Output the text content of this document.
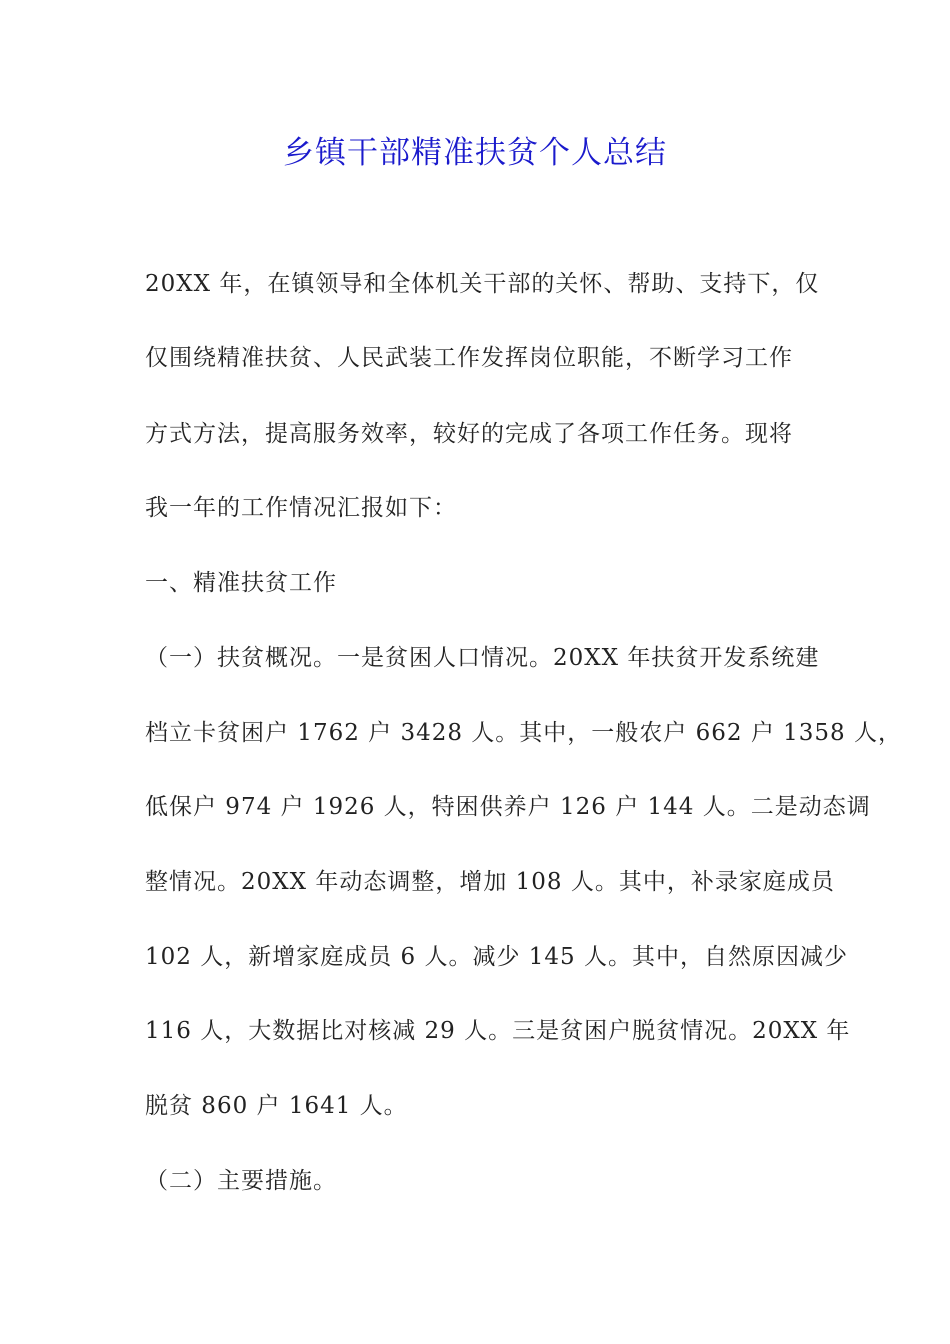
乡镇干部精准扶贫个人总结

20XX 年，在镇领导和全体机关干部的关怀、帮助、支持下，仅

仅围绕精准扶贫、人民武装工作发挥岗位职能，不断学习工作

方式方法，提高服务效率，较好的完成了各项工作任务。现将

我一年的工作情况汇报如下：

一、精准扶贫工作

（一）扶贫概况。一是贫困人口情况。20XX 年扶贫开发系统建

档立卡贫困户 1762 户 3428 人。其中，一般农户 662 户 1358 人，

低保户 974 户 1926 人，特困供养户 126 户 144 人。二是动态调

整情况。20XX 年动态调整，增加 108 人。其中，补录家庭成员

102 人，新增家庭成员 6 人。减少 145 人。其中，自然原因减少

116 人，大数据比对核减 29 人。三是贫困户脱贫情况。20XX 年

脱贫 860 户 1641 人。

（二）主要措施。
